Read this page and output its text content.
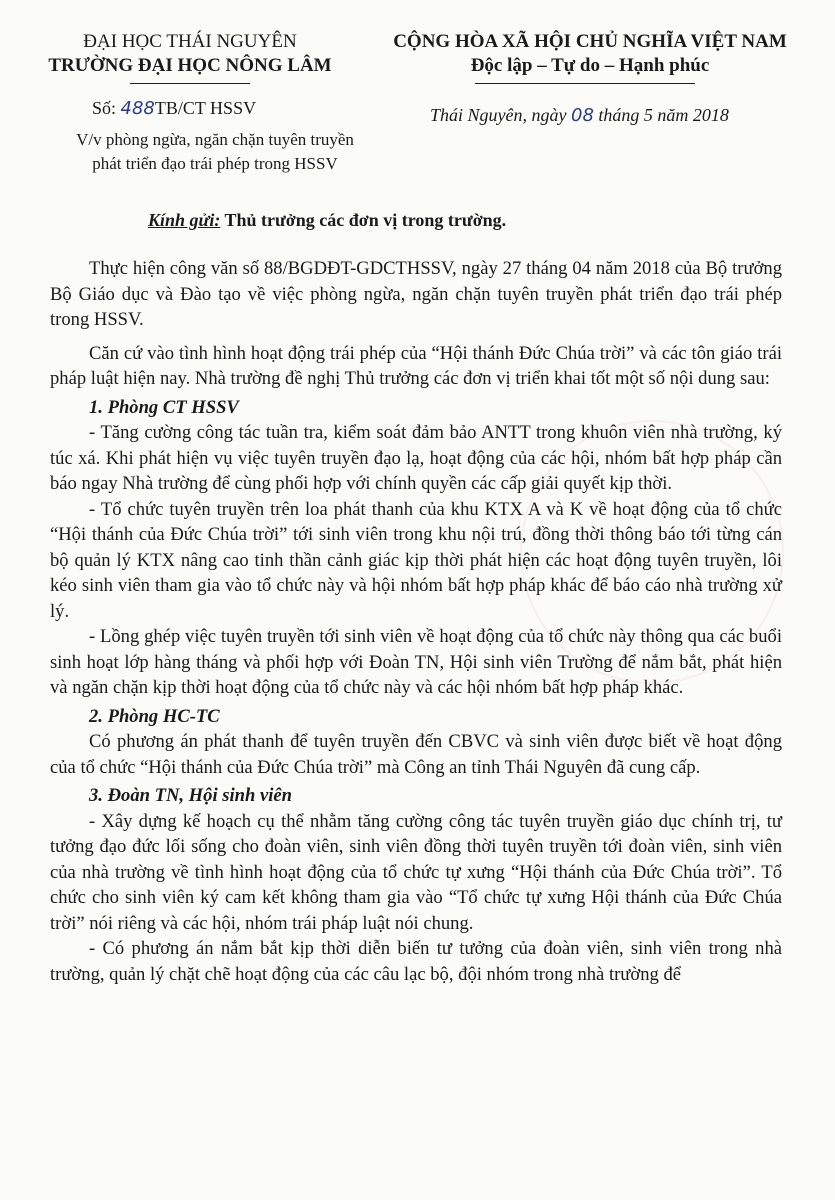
ĐẠI HỌC THÁI NGUYÊN
TRƯỜNG ĐẠI HỌC NÔNG LÂM
CỘNG HÒA XÃ HỘI CHỦ NGHĨA VIỆT NAM
Độc lập – Tự do – Hạnh phúc
Số: 488TB/CT HSSV
V/v phòng ngừa, ngăn chặn tuyên truyền phát triển đạo trái phép trong HSSV
Thái Nguyên, ngày 08 tháng 5 năm 2018
Kính gửi: Thủ trưởng các đơn vị trong trường.

Thực hiện công văn số 88/BGDĐT-GDCTHSSV, ngày 27 tháng 04 năm 2018 của Bộ trưởng Bộ Giáo dục và Đào tạo về việc phòng ngừa, ngăn chặn tuyên truyền phát triển đạo trái phép trong HSSV.

Căn cứ vào tình hình hoạt động trái phép của “Hội thánh Đức Chúa trời” và các tôn giáo trái pháp luật hiện nay. Nhà trường đề nghị Thủ trưởng các đơn vị triển khai tốt một số nội dung sau:

1. Phòng CT HSSV

- Tăng cường công tác tuần tra, kiểm soát đảm bảo ANTT trong khuôn viên nhà trường, ký túc xá. Khi phát hiện vụ việc tuyên truyền đạo lạ, hoạt động của các hội, nhóm bất hợp pháp cần báo ngay Nhà trường để cùng phối hợp với chính quyền các cấp giải quyết kịp thời.

- Tổ chức tuyên truyền trên loa phát thanh của khu KTX A và K về hoạt động của tổ chức “Hội thánh của Đức Chúa trời” tới sinh viên trong khu nội trú, đồng thời thông báo tới từng cán bộ quản lý KTX nâng cao tinh thần cảnh giác kịp thời phát hiện các hoạt động tuyên truyền, lôi kéo sinh viên tham gia vào tổ chức này và hội nhóm bất hợp pháp khác để báo cáo nhà trường xử lý.

- Lồng ghép việc tuyên truyền tới sinh viên về hoạt động của tổ chức này thông qua các buổi sinh hoạt lớp hàng tháng và phối hợp với Đoàn TN, Hội sinh viên Trường để nắm bắt, phát hiện và ngăn chặn kịp thời hoạt động của tổ chức này và các hội nhóm bất hợp pháp khác.

2. Phòng HC-TC

Có phương án phát thanh để tuyên truyền đến CBVC và sinh viên được biết về hoạt động của tổ chức “Hội thánh của Đức Chúa trời” mà Công an tỉnh Thái Nguyên đã cung cấp.

3. Đoàn TN, Hội sinh viên

- Xây dựng kế hoạch cụ thể nhằm tăng cường công tác tuyên truyền giáo dục chính trị, tư tưởng đạo đức lối sống cho đoàn viên, sinh viên đồng thời tuyên truyền tới đoàn viên, sinh viên của nhà trường về tình hình hoạt động của tổ chức tự xưng “Hội thánh của Đức Chúa trời”. Tổ chức cho sinh viên ký cam kết không tham gia vào “Tổ chức tự xưng Hội thánh của Đức Chúa trời” nói riêng và các hội, nhóm trái pháp luật nói chung.

- Có phương án nắm bắt kịp thời diễn biến tư tưởng của đoàn viên, sinh viên trong nhà trường, quản lý chặt chẽ hoạt động của các câu lạc bộ, đội nhóm trong nhà trường để
